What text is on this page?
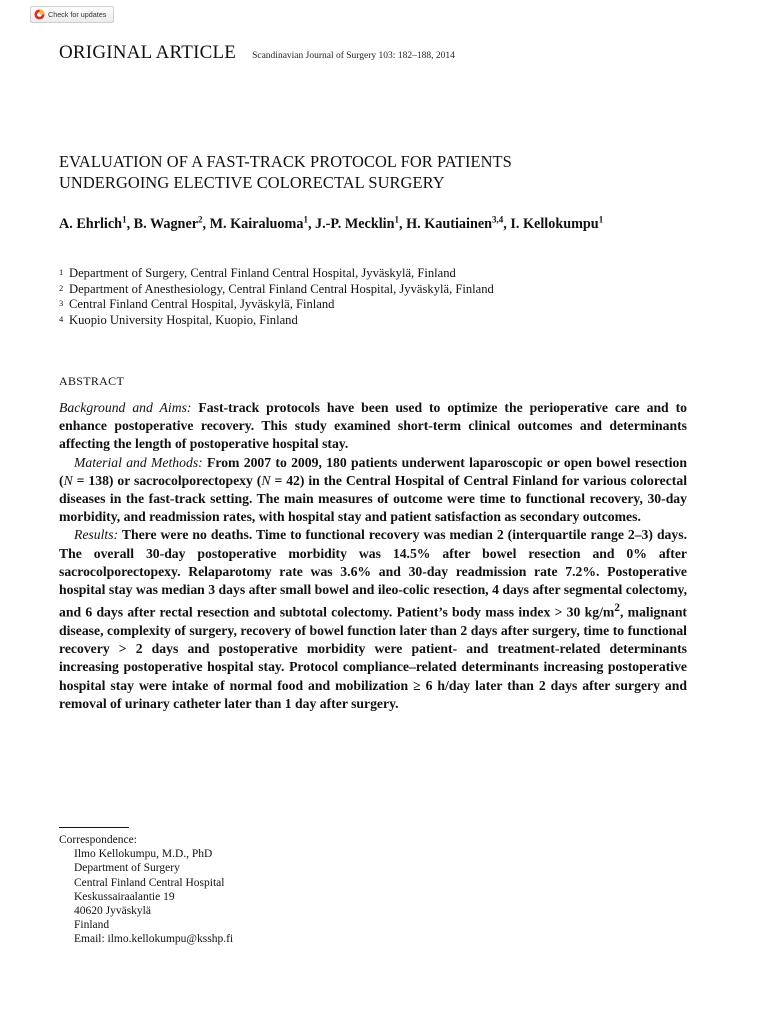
Check for updates
ORIGINAL ARTICLE Scandinavian Journal of Surgery 103: 182–188, 2014
EVALUATION OF A FAST-TRACK PROTOCOL FOR PATIENTS
UNDERGOING ELECTIVE COLORECTAL SURGERY
A. Ehrlich$^1$, B. Wagner$^2$, M. Kairaluoma$^1$, J.-P. Mecklin$^1$, H. Kautiainen$^{3,4}$, I. Kellokumpu$^1$
1 Department of Surgery, Central Finland Central Hospital, Jyväskylä, Finland
2 Department of Anesthesiology, Central Finland Central Hospital, Jyväskylä, Finland
3 Central Finland Central Hospital, Jyväskylä, Finland
4 Kuopio University Hospital, Kuopio, Finland
ABSTRACT

Background and Aims: Fast-track protocols have been used to optimize the perioperative care and to enhance postoperative recovery. This study examined short-term clinical outcomes and determinants affecting the length of postoperative hospital stay.

Material and Methods: From 2007 to 2009, 180 patients underwent laparoscopic or open bowel resection (N = 138) or sacrocolporectopexy (N = 42) in the Central Hospital of Central Finland for various colorectal diseases in the fast-track setting. The main measures of outcome were time to functional recovery, 30-day morbidity, and readmission rates, with hospital stay and patient satisfaction as secondary outcomes.

Results: There were no deaths. Time to functional recovery was median 2 (interquartile range 2–3) days. The overall 30-day postoperative morbidity was 14.5% after bowel resection and 0% after sacrocolporectopexy. Relaparotomy rate was 3.6% and 30-day readmission rate 7.2%. Postoperative hospital stay was median 3 days after small bowel and ileo-colic resection, 4 days after segmental colectomy, and 6 days after rectal resection and subtotal colectomy. Patient’s body mass index > 30 $kg/m^2$, malignant disease, complexity of surgery, recovery of bowel function later than 2 days after surgery, time to functional recovery > 2 days and postoperative morbidity were patient- and treatment-related determinants increasing postoperative hospital stay. Protocol compliance–related determinants increasing postoperative hospital stay were intake of normal food and mobilization ≥ 6 h/day later than 2 days after surgery and removal of urinary catheter later than 1 day after surgery.

Correspondence:
Ilmo Kellokumpu, M.D., PhD
Department of Surgery
Central Finland Central Hospital
Keskussairaalantie 19
40620 Jyväskylä
Finland
Email: ilmo.kellokumpu@ksshp.fi
